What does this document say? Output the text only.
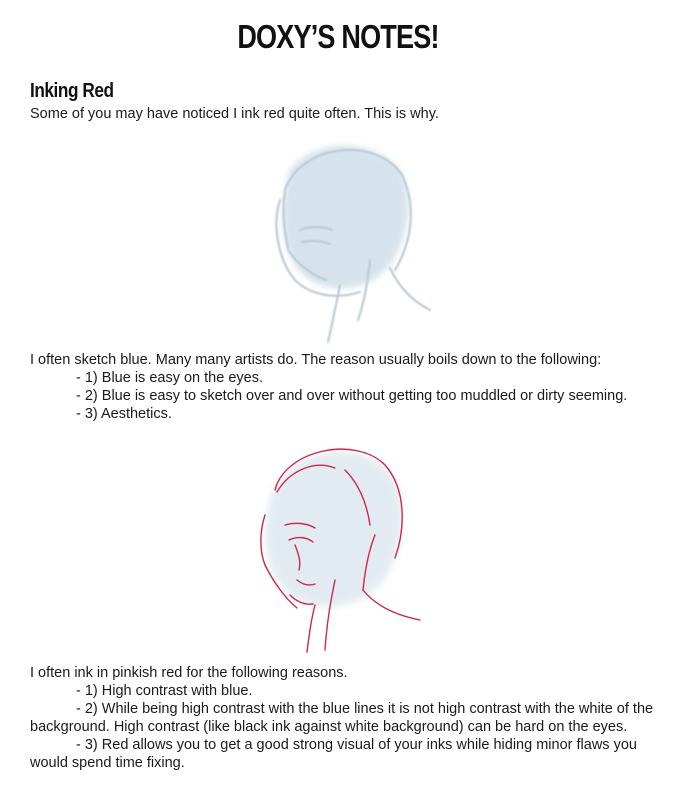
DOXY’S NOTES!
Inking Red
Some of you may have noticed I ink red quite often. This is why.
I often sketch blue. Many many artists do. The reason usually boils down to the following:
- 1) Blue is easy on the eyes.
- 2) Blue is easy to sketch over and over without getting too muddled or dirty seeming.
- 3) Aesthetics.
I often ink in pinkish red for the following reasons.
- 1) High contrast with blue.
- 2) While being high contrast with the blue lines it is not high contrast with the white of the background. High contrast (like black ink against white background) can be hard on the eyes.
- 3) Red allows you to get a good strong visual of your inks while hiding minor flaws you would spend time fixing.
